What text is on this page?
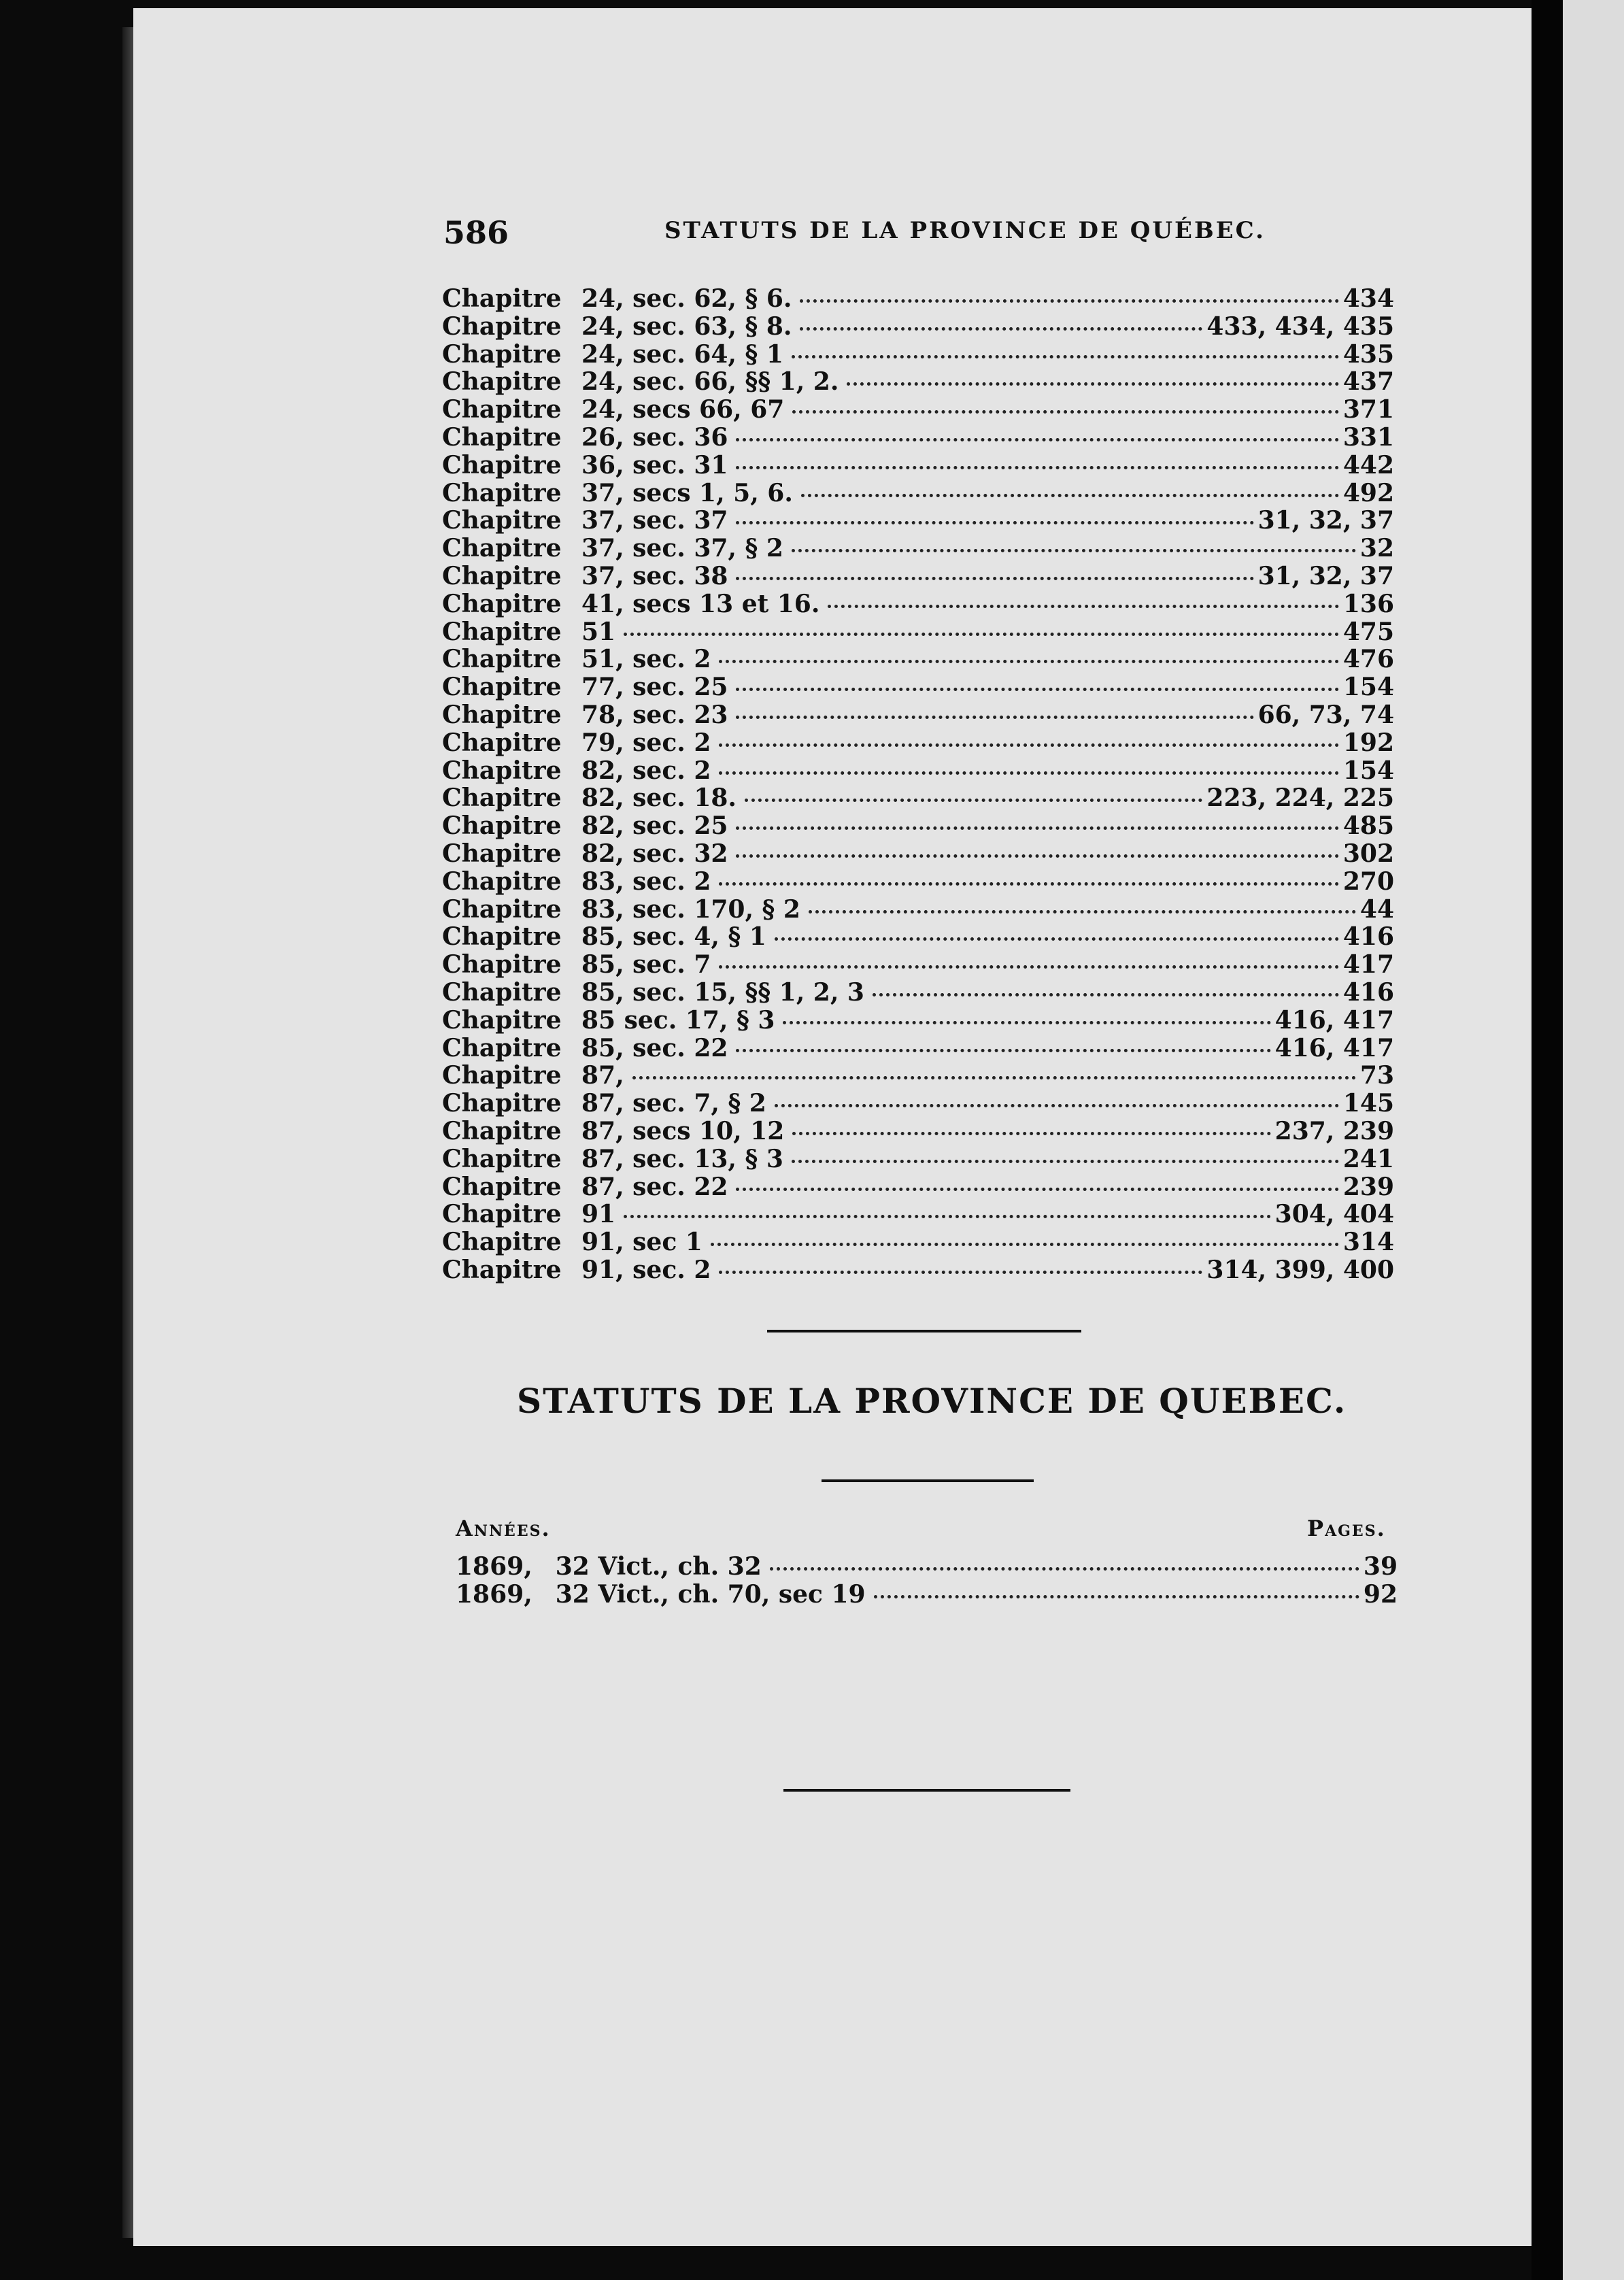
586	STATUTS DE LA PROVINCE DE QUÉBEC.
Chapitre 24, sec. 62, § 6.	434
Chapitre 24, sec. 63, § 8.	433, 434, 435
Chapitre 24, sec. 64, § 1	435
Chapitre 24, sec. 66, §§ 1, 2.	437
Chapitre 24, secs 66, 67	371
Chapitre 26, sec. 36	331
Chapitre 36, sec. 31	442
Chapitre 37, secs 1, 5, 6.	492
Chapitre 37, sec. 37	31, 32, 37
Chapitre 37, sec. 37, § 2	32
Chapitre 37, sec. 38	31, 32, 37
Chapitre 41, secs 13 et 16.	136
Chapitre 51	475
Chapitre 51, sec. 2	476
Chapitre 77, sec. 25	154
Chapitre 78, sec. 23	66, 73, 74
Chapitre 79, sec. 2	192
Chapitre 82, sec. 2	154
Chapitre 82, sec. 18.	223, 224, 225
Chapitre 82, sec. 25	485
Chapitre 82, sec. 32	302
Chapitre 83, sec. 2	270
Chapitre 83, sec. 170, § 2	44
Chapitre 85, sec. 4, § 1	416
Chapitre 85, sec. 7	417
Chapitre 85, sec. 15, §§ 1, 2, 3	416
Chapitre 85 sec. 17, § 3	416, 417
Chapitre 85, sec. 22	416, 417
Chapitre 87,	73
Chapitre 87, sec. 7, § 2	145
Chapitre 87, secs 10, 12	237, 239
Chapitre 87, sec. 13, § 3	241
Chapitre 87, sec. 22	239
Chapitre 91	304, 404
Chapitre 91, sec 1	314
Chapitre 91, sec. 2	314, 399, 400
STATUTS DE LA PROVINCE DE QUEBEC.
Années.	Pages.
1869, 32 Vict., ch. 32	39
1869, 32 Vict., ch. 70, sec 19	92
